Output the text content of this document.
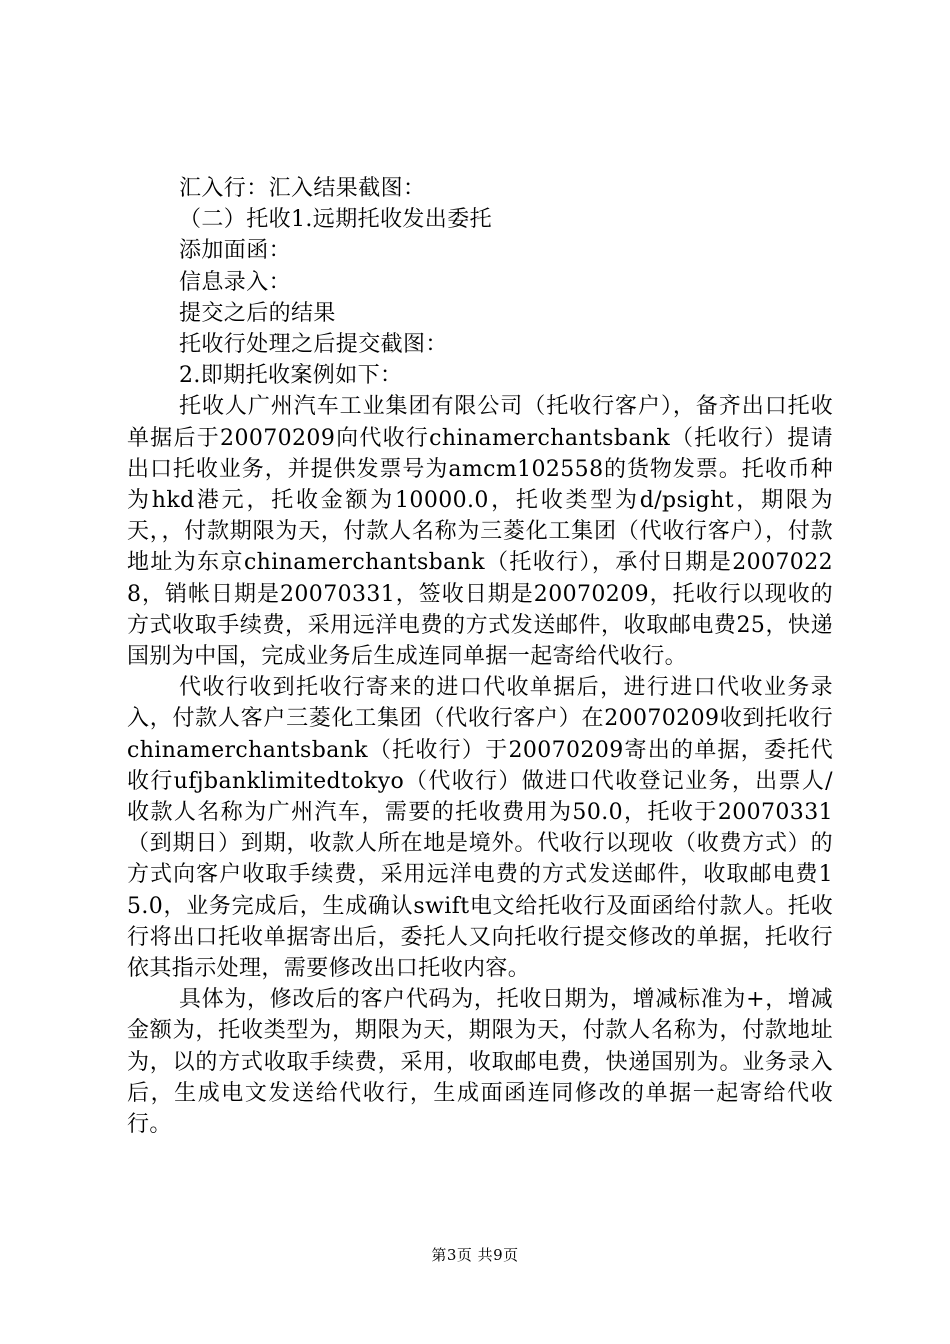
汇入行：汇入结果截图：

（二）托收1.远期托收发出委托

添加面函：

信息录入：

提交之后的结果

托收行处理之后提交截图：

2.即期托收案例如下：

托收人广州汽车工业集团有限公司（托收行客户），备齐出口托收单据后于20070209向代收行chinamerchantsbank（托收行）提请出口托收业务，并提供发票号为amcm102558的货物发票。托收币种为hkd港元，托收金额为10000.0，托收类型为d/psight，期限为天，，付款期限为天，付款人名称为三菱化工集团（代收行客户），付款地址为东京chinamerchantsbank（托收行），承付日期是20070228，销帐日期是20070331，签收日期是20070209，托收行以现收的方式收取手续费，采用远洋电费的方式发送邮件，收取邮电费25，快递国别为中国，完成业务后生成连同单据一起寄给代收行。

代收行收到托收行寄来的进口代收单据后，进行进口代收业务录入，付款人客户三菱化工集团（代收行客户）在20070209收到托收行chinamerchantsbank（托收行）于20070209寄出的单据，委托代收行ufjbanklimitedtokyo（代收行）做进口代收登记业务，出票人/收款人名称为广州汽车，需要的托收费用为50.0，托收于20070331（到期日）到期，收款人所在地是境外。代收行以现收（收费方式）的方式向客户收取手续费，采用远洋电费的方式发送邮件，收取邮电费15.0，业务完成后，生成确认swift电文给托收行及面函给付款人。托收行将出口托收单据寄出后，委托人又向托收行提交修改的单据，托收行依其指示处理，需要修改出口托收内容。

具体为，修改后的客户代码为，托收日期为，增减标准为+，增减金额为，托收类型为，期限为天，期限为天，付款人名称为，付款地址为，以的方式收取手续费，采用，收取邮电费，快递国别为。业务录入后，生成电文发送给代收行，生成面函连同修改的单据一起寄给代收行。

第3页 共9页
